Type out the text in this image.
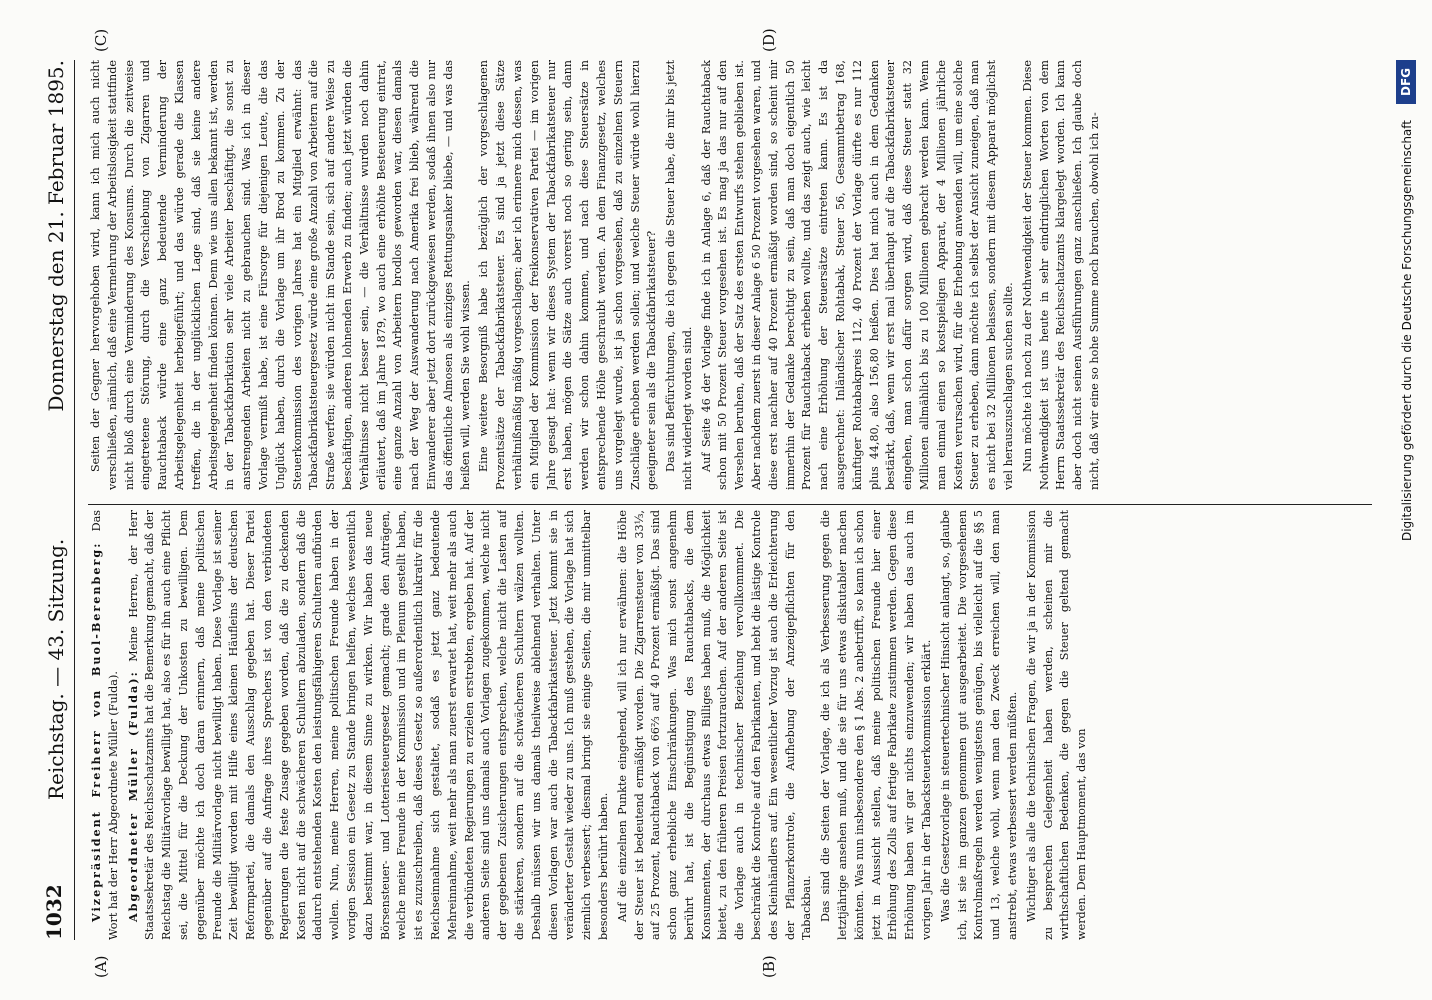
1032
Reichstag. — 43. Sitzung.
Donnerstag den 21. Februar 1895.
(A)	(B)
(C)	(D)

Vizepräsident Freiherr von Buol-Berenberg: Das Wort hat der Herr Abgeordnete Müller (Fulda). Abgeordneter Müller (Fulda): Meine Herren, der Herr Staatssekretär des Reichsschatzamts hat die Bemerkung gemacht, daß der Reichstag die Militärvorlage bewilligt hat, also es für ihn auch eine Pflicht sei, die Mittel für die Deckung der Unkosten zu bewilligen. Dem gegenüber möchte ich doch daran erinnern, daß meine politischen Freunde die Militärvorlage nicht bewilligt haben. Diese Vorlage ist seiner Zeit bewilligt worden mit Hilfe eines kleinen Häufleins der deutschen Reformpartei, die damals den Ausschlag gegeben hat. Dieser Partei gegenüber auf die Anfrage ihres Sprechers ist von den verbündeten Regierungen die feste Zusage gegeben worden, daß die zu deckenden Kosten nicht auf die schwächeren Schultern abzuladen, sondern daß die dadurch entstehenden Kosten den leistungsfähigeren Schultern aufbürden wollen. Nun, meine Herren, meine politischen Freunde haben in der vorigen Session ein Gesetz zu Stande bringen helfen, welches wesentlich dazu bestimmt war, in diesem Sinne zu wirken. Wir haben das neue Börsensteuer- und Lotteriesteuergesetz gemacht; grade den Anträgen, welche meine Freunde in der Kommission und im Plenum gestellt haben, ist es zuzuschreiben, daß dieses Gesetz so außerordentlich lukrativ für die Reichseinnahme sich gestaltet, sodaß es jetzt ganz bedeutende Mehreinnahme, weit mehr als man zuerst erwartet hat, weit mehr als auch die verbündeten Regierungen zu erzielen erstrebten, ergeben hat. Auf der anderen Seite sind uns damals auch Vorlagen zugekommen, welche nicht der gegebenen Zusicherungen entsprechen, welche nicht die Lasten auf die stärkeren, sondern auf die schwächeren Schultern wälzen wollten. Deshalb müssen wir uns damals theilweise ablehnend verhalten. Unter diesen Vorlagen war auch die Tabackfabrikatsteuer. Jetzt kommt sie in veränderter Gestalt wieder zu uns. Ich muß gestehen, die Vorlage hat sich ziemlich verbessert; diesmal bringt sie einige Seiten, die mir unmittelbar besonders berührt haben. Auf die einzelnen Punkte eingehend, will ich nur erwähnen: die Höhe der Steuer ist bedeutend ermäßigt worden. Die Zigarrensteuer von 33⅓, auf 25 Prozent, Rauchtaback von 66⅔ auf 40 Prozent ermäßigt. Das sind schon ganz erhebliche Einschränkungen. Was mich sonst angenehm berührt hat, ist die Begünstigung des Rauchtabacks, die dem Konsumenten, der durchaus etwas Billiges haben muß, die Möglichkeit bietet, zu den früheren Preisen fortzurauchen. Auf der anderen Seite ist die Vorlage auch in technischer Beziehung vervollkommnet. Die beschränkt die Kontrole auf den Fabrikanten, und hebt die lästige Kontrole des Kleinhändlers auf. Ein wesentlicher Vorzug ist auch die Erleichterung der Pflanzerkontrole, die Aufhebung der Anzeigepflichten für den Tabackbau. Das sind die Seiten der Vorlage, die ich als Verbesserung gegen die letztjährige ansehen muß, und die sie für uns etwas diskutabler machen könnten. Was nun insbesondere den § 1 Abs. 2 anbetrifft, so kann ich schon jetzt in Aussicht stellen, daß meine politischen Freunde hier einer Erhöhung des Zolls auf fertige Fabrikate zustimmen werden. Gegen diese Erhöhung haben wir gar nichts einzuwenden; wir haben das auch im vorigen Jahr in der Tabacksteuerkommission erklärt. Was die Gesetzvorlage in steuertechnischer Hinsicht anlangt, so, glaube ich, ist sie im ganzen genommen gut ausgearbeitet. Die vorgesehenen Kontrolmaßregeln werden wenigstens genügen, bis vielleicht auf die §§ 5 und 13, welche wohl, wenn man den Zweck erreichen will, den man anstrebt, etwas verbessert werden müßten. Wichtiger als alle die technischen Fragen, die wir ja in der Kommission zu besprechen Gelegenheit haben werden, scheinen mir die wirthschaftlichen Bedenken, die gegen die Steuer geltend gemacht werden. Dem Hauptmoment, das von

Seiten der Gegner hervorgehoben wird, kann ich mich auch nicht verschließen, nämlich, daß eine Vermehrung der Arbeitslosigkeit stattfinde nicht bloß durch eine Verminderung des Konsums. Durch die zeitweise eingetretene Störung, durch die Verschiebung von Zigarren und Rauchtaback würde eine ganz bedeutende Verminderung der Arbeitsgelegenheit herbeigeführt; und das würde gerade die Klassen treffen, die in der unglücklichen Lage sind, daß sie keine andere Arbeitsgelegenheit finden können. Denn wie uns allen bekannt ist, werden in der Tabackfabrikation sehr viele Arbeiter beschäftigt, die sonst zu anstrengenden Arbeiten nicht zu gebrauchen sind. Was ich in dieser Vorlage vermißt habe, ist eine Fürsorge für diejenigen Leute, die das Unglück haben, durch die Vorlage um ihr Brod zu kommen. Zu der Steuerkommission des vorigen Jahres hat ein Mitglied erwähnt: das Tabackfabrikatsteuergesetz würde eine große Anzahl von Arbeitern auf die Straße werfen; sie würden nicht im Stande sein, sich auf andere Weise zu beschäftigen, anderen lohnenden Erwerb zu finden; auch jetzt würden die Verhältnisse nicht besser sein, — die Verhältnisse wurden noch dahin erläutert, daß im Jahre 1879, wo auch eine erhöhte Besteuerung eintrat, eine ganze Anzahl von Arbeitern brodlos geworden war, diesen damals nach der Weg der Auswanderung nach Amerika frei blieb, während die Einwanderer aber jetzt dort zurückgewiesen werden, sodaß ihnen also nur das öffentliche Almosen als einziges Rettungsanker bliebe, — und was das heißen will, werden Sie wohl wissen. Eine weitere Besorgniß habe ich bezüglich der vorgeschlagenen Prozentsätze der Tabackfabrikatsteuer. Es sind ja jetzt diese Sätze verhältnißmäßig mäßig vorgeschlagen; aber ich erinnere mich dessen, was ein Mitglied der Kommission der freikonservativen Partei — im vorigen Jahre gesagt hat: wenn wir dieses System der Tabackfabrikatsteuer nur erst haben, mögen die Sätze auch vorerst noch so gering sein, dann werden wir schon dahin kommen, und nach diese Steuersätze in entsprechende Höhe geschraubt werden. An dem Finanzgesetz, welches uns vorgelegt wurde, ist ja schon vorgesehen, daß zu einzelnen Steuern Zuschläge erhoben werden sollen; und welche Steuer würde wohl hierzu geeigneter sein als die Tabackfabrikatsteuer? Das sind Befürchtungen, die ich gegen die Steuer habe, die mir bis jetzt nicht widerlegt worden sind. Auf Seite 46 der Vorlage finde ich in Anlage 6, daß der Rauchtaback schon mit 50 Prozent Steuer vorgesehen ist. Es mag ja das nur auf den Versehen beruhen, daß der Satz des ersten Entwurfs stehen geblieben ist. Aber nachdem zuerst in dieser Anlage 6 50 Prozent vorgesehen waren, und diese erst nachher auf 40 Prozent ermäßigt worden sind, so scheint mir immerhin der Gedanke berechtigt zu sein, daß man doch eigentlich 50 Prozent für Rauchtaback erheben wollte, und das zeigt auch, wie leicht nach eine Erhöhung der Steuersätze eintreten kann. Es ist da ausgerechnet: Inländischer Rohtabak, Steuer 56, Gesammtbetrag 168, künftiger Rohtabakpreis 112, 40 Prozent der Vorlage dürfte es nur 112 plus 44,80, also 156,80 heißen. Dies hat mich auch in dem Gedanken bestärkt, daß, wenn wir erst mal überhaupt auf die Tabackfabrikatsteuer eingehen, man schon dafür sorgen wird, daß diese Steuer statt 32 Millionen allmählich bis zu 100 Millionen gebracht werden kann. Wenn man einmal einen so kostspieligen Apparat, der 4 Millionen jährliche Kosten verursachen wird, für die Erhebung anwenden will, um eine solche Steuer zu erheben, dann möchte ich selbst der Ansicht zuneigen, daß man es nicht bei 32 Millionen belassen, sondern mit diesem Apparat möglichst viel herauszuschlagen suchen sollte. Nun möchte ich noch zu der Nothwendigkeit der Steuer kommen. Diese Nothwendigkeit ist uns heute in sehr eindringlichen Worten von dem Herrn Staatssekretär des Reichsschatzamts klargelegt worden. Ich kann aber doch nicht seinen Ausführungen ganz anschließen. Ich glaube doch nicht, daß wir eine so hohe Summe noch brauchen, obwohl ich zu-	Digitalisierung gefördert durch die Deutsche Forschungsgemeinschaft
DFG
